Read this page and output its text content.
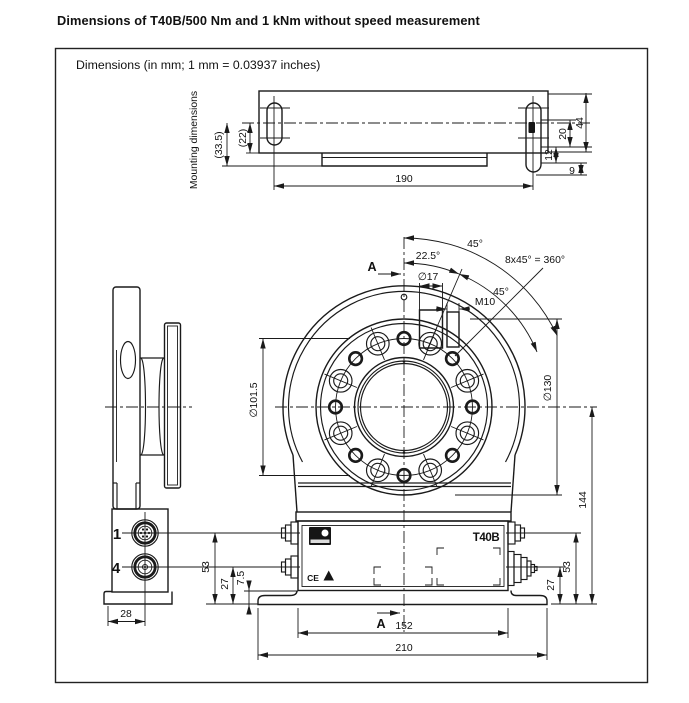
Dimensions of T40B/500 Nm and 1 kNm without speed measurement
Mounting dimensions (33.5) (22)
190
44
20
12
9
1
4
28
T40B
CE
A
A
45°
22.5°
45°
8x45° = 360°
∅17
M10
∅101.5	∅130
144
53
27
53
27 7.5
152
210
Dimensions (in mm; 1 mm = 0.03937 inches)
